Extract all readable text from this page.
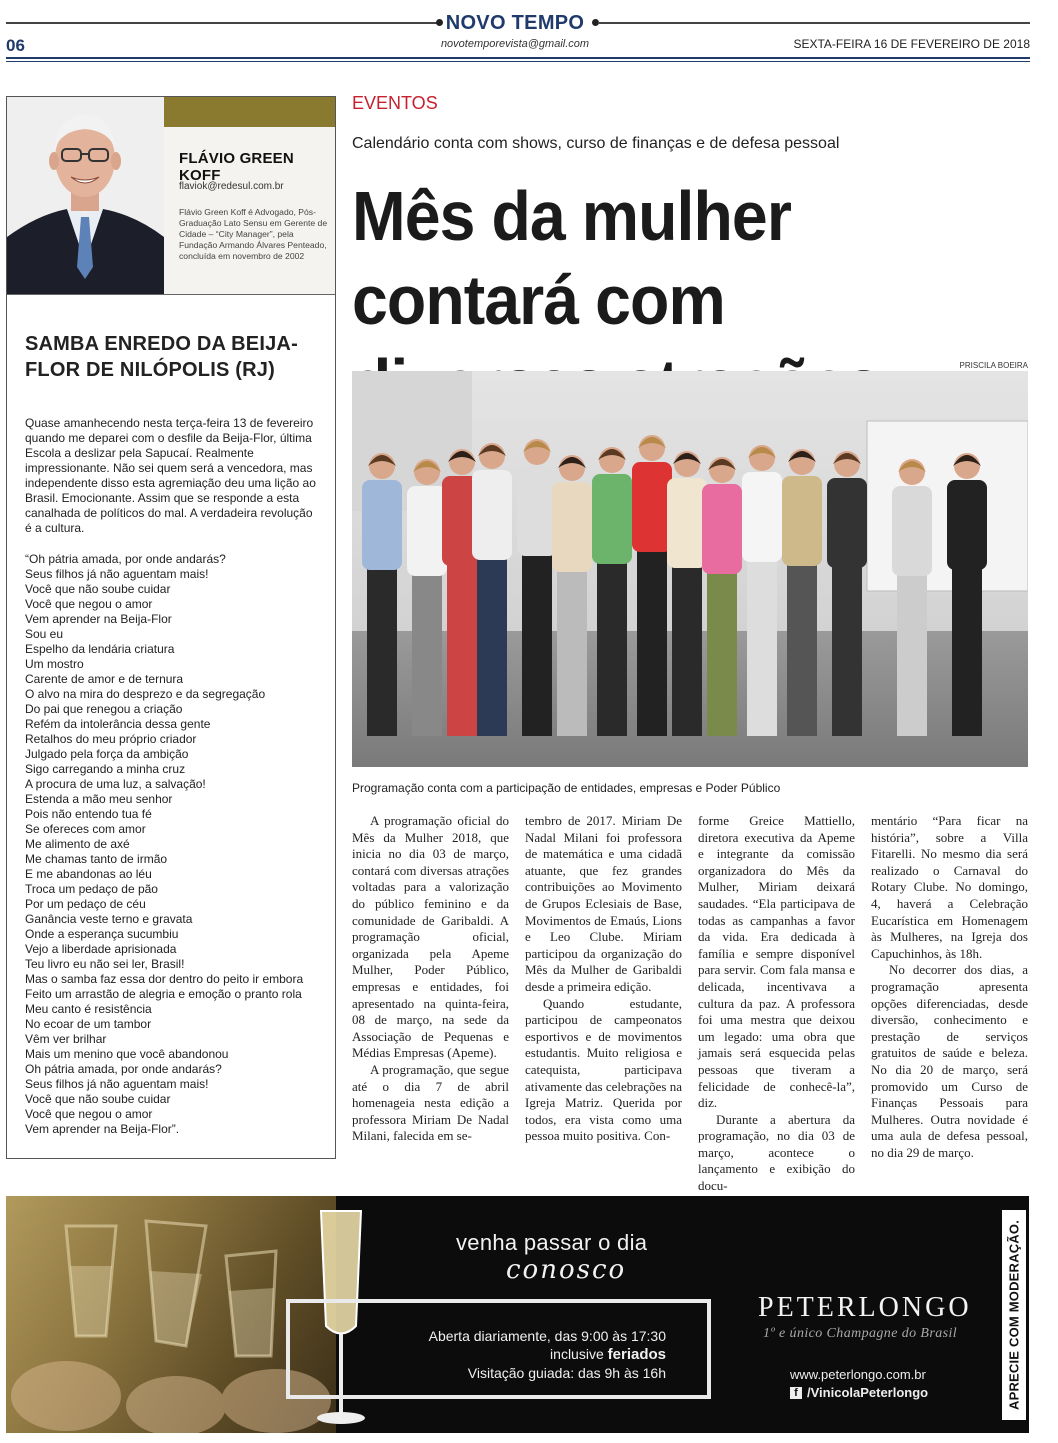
06
NOVO TEMPO
novotemporevista@gmail.com	SEXTA-FEIRA 16 DE FEVEREIRO DE 2018
FLÁVIO GREEN KOFF
flaviok@redesul.com.br
Flávio Green Koff é Advogado, Pós-Graduação Lato Sensu em Gerente de Cidade – “City Manager”, pela Fundação Armando Álvares Penteado, concluída em novembro de 2002
SAMBA ENREDO DA BEIJA-FLOR DE NILÓPOLIS (RJ)

Quase amanhecendo nesta terça-feira 13 de fevereiro quando me deparei com o desfile da Beija-Flor, última Escola a deslizar pela Sapucaí. Realmente impressionante. Não sei quem será a vencedora, mas independente disso esta agremiação deu uma lição ao Brasil. Emocionante. Assim que se responde a esta canalhada de políticos do mal. A verdadeira revolução é a cultura.

“Oh pátria amada, por onde andarás?
Seus filhos já não aguentam mais!
Você que não soube cuidar
Você que negou o amor
Vem aprender na Beija-Flor
Sou eu
Espelho da lendária criatura
Um mostro
Carente de amor e de ternura
O alvo na mira do desprezo e da segregação
Do pai que renegou a criação
Refém da intolerância dessa gente
Retalhos do meu próprio criador
Julgado pela força da ambição
Sigo carregando a minha cruz
A procura de uma luz, a salvação!
Estenda a mão meu senhor
Pois não entendo tua fé
Se ofereces com amor
Me alimento de axé
Me chamas tanto de irmão
E me abandonas ao léu
Troca um pedaço de pão
Por um pedaço de céu
Ganância veste terno e gravata
Onde a esperança sucumbiu
Vejo a liberdade aprisionada
Teu livro eu não sei ler, Brasil!
Mas o samba faz essa dor dentro do peito ir embora
Feito um arrastão de alegria e emoção o pranto rola
Meu canto é resistência
No ecoar de um tambor
Vêm ver brilhar
Mais um menino que você abandonou
Oh pátria amada, por onde andarás?
Seus filhos já não aguentam mais!
Você que não soube cuidar
Você que negou o amor
Vem aprender na Beija-Flor”.
EVENTOS
Calendário conta com shows, curso de finanças e de defesa pessoal
Mês da mulher contará com
PRISCILA BOEIRA
Programação conta com a participação de entidades, empresas e Poder Público

A programação oficial do Mês da Mulher 2018, que inicia no dia 03 de março, contará com diversas atrações voltadas para a valorização do público feminino e da comunidade de Garibaldi. A programação oficial, organizada pela Apeme Mulher, Poder Público, empresas e entidades, foi apresentado na quinta-feira, 08 de março, na sede da Associação de Pequenas e Médias Empresas (Apeme).

A programação, que segue até o dia 7 de abril homenageia nesta edição a professora Miriam De Nadal Milani, falecida em se-

tembro de 2017. Miriam De Nadal Milani foi professora de matemática e uma cidadã atuante, que fez grandes contribuições ao Movimento de Grupos Eclesiais de Base, Movimentos de Emaús, Lions e Leo Clube. Miriam participou da organização do Mês da Mulher de Garibaldi desde a primeira edição.

Quando estudante, participou de campeonatos esportivos e de movimentos estudantis. Muito religiosa e catequista, participava ativamente das celebrações na Igreja Matriz. Querida por todos, era vista como uma pessoa muito positiva. Con-

forme Greice Mattiello, diretora executiva da Apeme e integrante da comissão organizadora do Mês da Mulher, Miriam deixará saudades. “Ela participava de todas as campanhas a favor da vida. Era dedicada à família e sempre disponível para servir. Com fala mansa e delicada, incentivava a cultura da paz. A professora foi uma mestra que deixou um legado: uma obra que jamais será esquecida pelas pessoas que tiveram a felicidade de conhecê-la”, diz.

Durante a abertura da programação, no dia 03 de março, acontece o lançamento e exibição do docu-

mentário “Para ficar na história”, sobre a Villa Fitarelli. No mesmo dia será realizado o Carnaval do Rotary Clube. No domingo, 4, haverá a Celebração Eucarística em Homenagem às Mulheres, na Igreja dos Capuchinhos, às 18h.

No decorrer dos dias, a programação apresenta opções diferenciadas, desde diversão, conhecimento e prestação de serviços gratuitos de saúde e beleza. No dia 20 de março, será promovido um Curso de Finanças Pessoais para Mulheres. Outra novidade é uma aula de defesa pessoal, no dia 29 de março.

venha passar o dia
conosco
Aberta diariamente, das 9:00 às 17:30
inclusive feriados
Visitação guiada: das 9h às 16h
PETERLONGO
1º e único Champagne do Brasil
www.peterlongo.com.br
f /VinicolaPeterlongo	APRECIE COM MODERAÇÃO.
